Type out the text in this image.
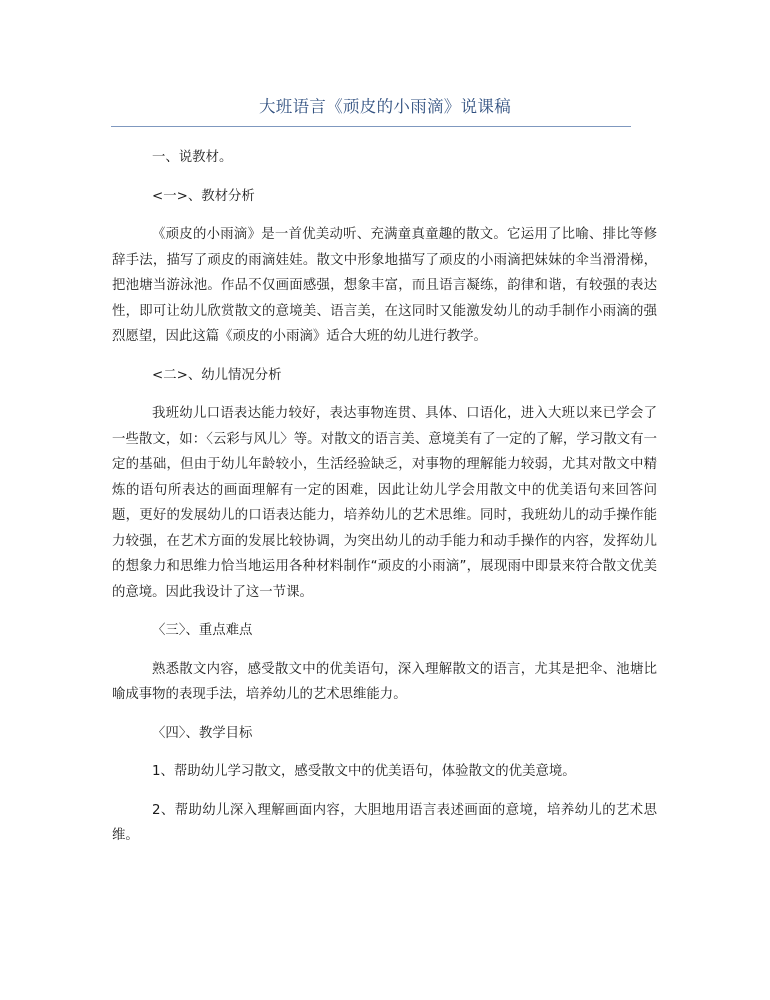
大班语言《顽皮的小雨滴》说课稿

一、说教材。

<一>、教材分析

《顽皮的小雨滴》是一首优美动听、充满童真童趣的散文。它运用了比喻、排比等修辞手法，描写了顽皮的雨滴娃娃。散文中形象地描写了顽皮的小雨滴把妹妹的伞当滑滑梯，把池塘当游泳池。作品不仅画面感强，想象丰富，而且语言凝练，韵律和谐，有较强的表达性，即可让幼儿欣赏散文的意境美、语言美，在这同时又能激发幼儿的动手制作小雨滴的强烈愿望，因此这篇《顽皮的小雨滴》适合大班的幼儿进行教学。

<二>、幼儿情况分析

我班幼儿口语表达能力较好，表达事物连贯、具体、口语化，进入大班以来已学会了一些散文，如：〈云彩与风儿〉等。对散文的语言美、意境美有了一定的了解，学习散文有一定的基础，但由于幼儿年龄较小，生活经验缺乏，对事物的理解能力较弱，尤其对散文中精炼的语句所表达的画面理解有一定的困难，因此让幼儿学会用散文中的优美语句来回答问题，更好的发展幼儿的口语表达能力，培养幼儿的艺术思维。同时，我班幼儿的动手操作能力较强，在艺术方面的发展比较协调，为突出幼儿的动手能力和动手操作的内容，发挥幼儿的想象力和思维力恰当地运用各种材料制作“顽皮的小雨滴”，展现雨中即景来符合散文优美的意境。因此我设计了这一节课。

〈三〉、重点难点

熟悉散文内容，感受散文中的优美语句，深入理解散文的语言，尤其是把伞、池塘比喻成事物的表现手法，培养幼儿的艺术思维能力。

〈四〉、教学目标

1、帮助幼儿学习散文，感受散文中的优美语句，体验散文的优美意境。

2、帮助幼儿深入理解画面内容，大胆地用语言表述画面的意境，培养幼儿的艺术思维。
